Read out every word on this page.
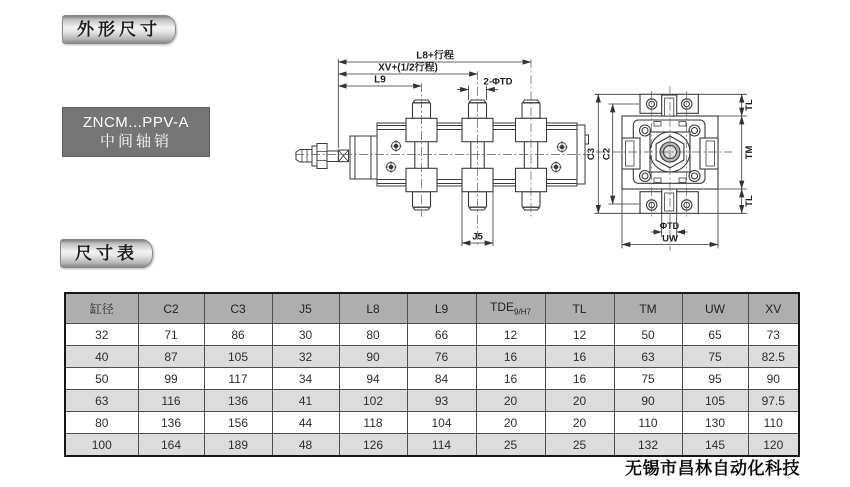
外形尺寸
ZNCM...PPV-A
中间轴销
L8+行程
XV+(1/2行程)
L9	2-ΦTD
J5
C3 C2
TL
TM
TL
ΦTD
UW
尺寸表
缸径	C2	C3	J5	L8	L9	$TDE_{9/H7}$	TL	TM	UW	XV
32	71	86	30	80	66	12	12	50	65	73
40	87	105	32	90	76	16	16	63	75	82.5
50	99	117	34	94	84	16	16	75	95	90
63	116	136	41	102	93	20	20	90	105	97.5
80	136	156	44	118	104	20	20	110	130	110
100	164	189	48	126	114	25	25	132	145	120
无锡市昌林自动化科技
